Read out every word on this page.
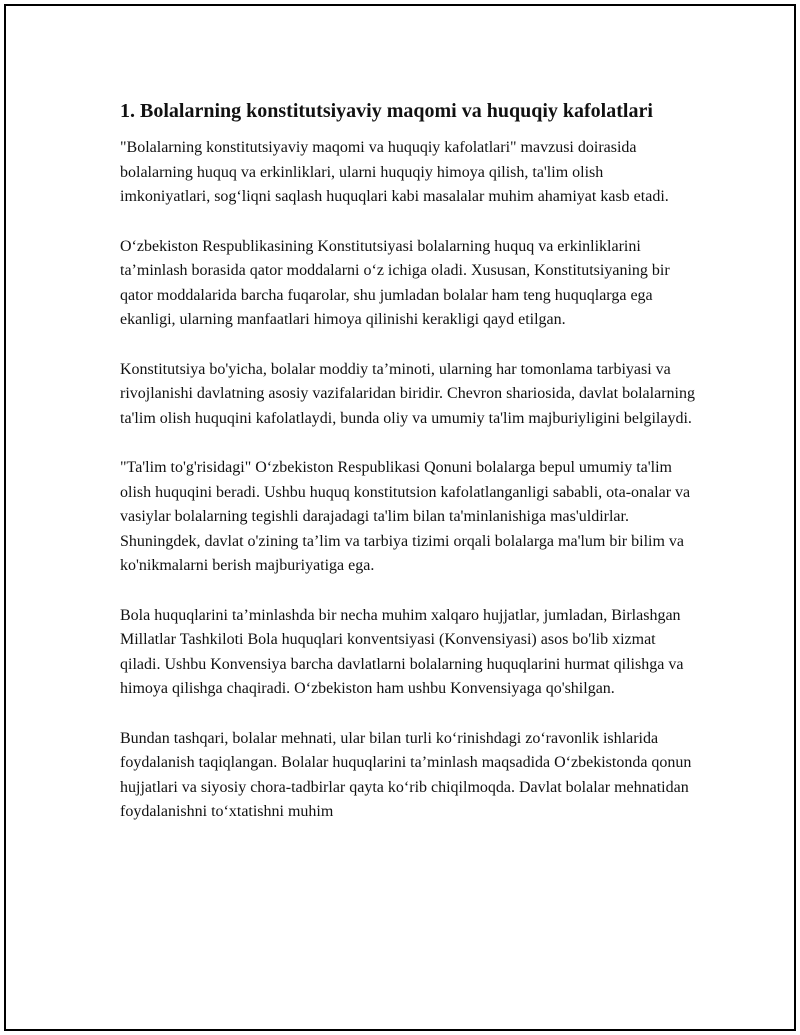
1. Bolalarning konstitutsiyaviy maqomi va huquqiy kafolatlari

"Bolalarning konstitutsiyaviy maqomi va huquqiy kafolatlari" mavzusi doirasida bolalarning huquq va erkinliklari, ularni huquqiy himoya qilish, ta'lim olish imkoniyatlari, sog‘liqni saqlash huquqlari kabi masalalar muhim ahamiyat kasb etadi.

O‘zbekiston Respublikasining Konstitutsiyasi bolalarning huquq va erkinliklarini ta’minlash borasida qator moddalarni o‘z ichiga oladi. Xususan, Konstitutsiyaning bir qator moddalarida barcha fuqarolar, shu jumladan bolalar ham teng huquqlarga ega ekanligi, ularning manfaatlari himoya qilinishi kerakligi qayd etilgan.

Konstitutsiya bo'yicha, bolalar moddiy ta’minoti, ularning har tomonlama tarbiyasi va rivojlanishi davlatning asosiy vazifalaridan biridir. Chevron shariosida, davlat bolalarning ta'lim olish huquqini kafolatlaydi, bunda oliy va umumiy ta'lim majburiyligini belgilaydi.

"Ta'lim to'g'risidagi" O‘zbekiston Respublikasi Qonuni bolalarga bepul umumiy ta'lim olish huquqini beradi. Ushbu huquq konstitutsion kafolatlanganligi sababli, ota-onalar va vasiylar bolalarning tegishli darajadagi ta'lim bilan ta'minlanishiga mas'uldirlar. Shuningdek, davlat o'zining ta’lim va tarbiya tizimi orqali bolalarga ma'lum bir bilim va ko'nikmalarni berish majburiyatiga ega.

Bola huquqlarini ta’minlashda bir necha muhim xalqaro hujjatlar, jumladan, Birlashgan Millatlar Tashkiloti Bola huquqlari konventsiyasi (Konvensiyasi) asos bo'lib xizmat qiladi. Ushbu Konvensiya barcha davlatlarni bolalarning huquqlarini hurmat qilishga va himoya qilishga chaqiradi. O‘zbekiston ham ushbu Konvensiyaga qo'shilgan.

Bundan tashqari, bolalar mehnati, ular bilan turli ko‘rinishdagi zo‘ravonlik ishlarida foydalanish taqiqlangan. Bolalar huquqlarini ta’minlash maqsadida O‘zbekistonda qonun hujjatlari va siyosiy chora-tadbirlar qayta ko‘rib chiqilmoqda. Davlat bolalar mehnatidan foydalanishni to‘xtatishni muhim
